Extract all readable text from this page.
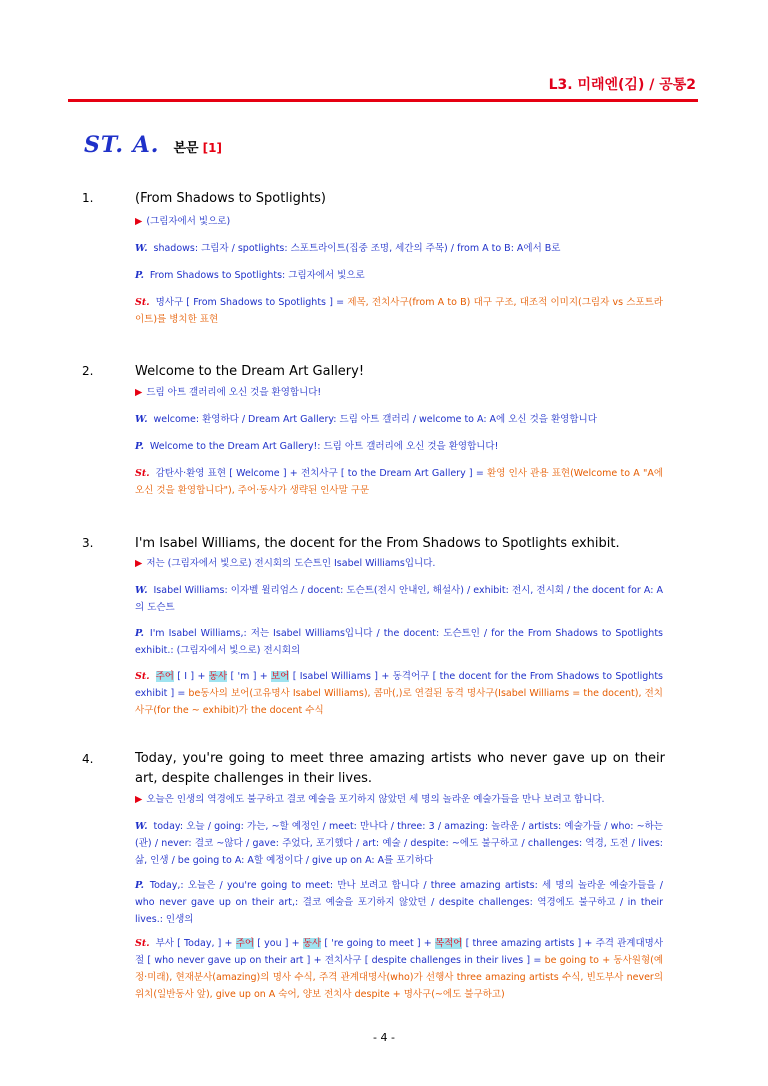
L3. 미래엔(김) / 공통2
ST. A. 본문 [1]
1.	(From Shadows to Spotlights)
▶ (그림자에서 빛으로)
W. shadows: 그림자 / spotlights: 스포트라이트(집중 조명, 세간의 주목) / from A to B: A에서 B로
P. From Shadows to Spotlights: 그림자에서 빛으로
St. 명사구 [ From Shadows to Spotlights ] = 제목, 전치사구(from A to B) 대구 구조, 대조적 이미지(그림자 vs 스포트라이트)를 병치한 표현
2.	Welcome to the Dream Art Gallery!
▶ 드림 아트 갤러리에 오신 것을 환영합니다!
W. welcome: 환영하다 / Dream Art Gallery: 드림 아트 갤러리 / welcome to A: A에 오신 것을 환영합니다
P. Welcome to the Dream Art Gallery!: 드림 아트 갤러리에 오신 것을 환영합니다!
St. 감탄사·환영 표현 [ Welcome ] + 전치사구 [ to the Dream Art Gallery ] = 환영 인사 관용 표현(Welcome to A "A에 오신 것을 환영합니다"), 주어·동사가 생략된 인사말 구문
3.	I'm Isabel Williams, the docent for the From Shadows to Spotlights exhibit.
▶ 저는 (그림자에서 빛으로) 전시회의 도슨트인 Isabel Williams입니다.
W. Isabel Williams: 이자벨 윌리엄스 / docent: 도슨트(전시 안내인, 해설사) / exhibit: 전시, 전시회 / the docent for A: A의 도슨트
P. I'm Isabel Williams,: 저는 Isabel Williams입니다 / the docent: 도슨트인 / for the From Shadows to Spotlights exhibit.: (그림자에서 빛으로) 전시회의
St. 주어 [ I ] + 동사 [ 'm ] + 보어 [ Isabel Williams ] + 동격어구 [ the docent for the From Shadows to Spotlights exhibit ] = be동사의 보어(고유명사 Isabel Williams), 콤마(,)로 연결된 동격 명사구(Isabel Williams = the docent), 전치사구(for the ~ exhibit)가 the docent 수식
4.	Today, you're going to meet three amazing artists who never gave up on their art, despite challenges in their lives.
▶ 오늘은 인생의 역경에도 불구하고 결코 예술을 포기하지 않았던 세 명의 놀라운 예술가들을 만나 보려고 합니다.
W. today: 오늘 / going: 가는, ~할 예정인 / meet: 만나다 / three: 3 / amazing: 놀라운 / artists: 예술가들 / who: ~하는(관) / never: 결코 ~않다 / gave: 주었다, 포기했다 / art: 예술 / despite: ~에도 불구하고 / challenges: 역경, 도전 / lives: 삶, 인생 / be going to A: A할 예정이다 / give up on A: A를 포기하다
P. Today,: 오늘은 / you're going to meet: 만나 보려고 합니다 / three amazing artists: 세 명의 놀라운 예술가들을 / who never gave up on their art,: 결코 예술을 포기하지 않았던 / despite challenges: 역경에도 불구하고 / in their lives.: 인생의
St. 부사 [ Today, ] + 주어 [ you ] + 동사 [ 're going to meet ] + 목적어 [ three amazing artists ] + 주격 관계대명사절 [ who never gave up on their art ] + 전치사구 [ despite challenges in their lives ] = be going to + 동사원형(예정·미래), 현재분사(amazing)의 명사 수식, 주격 관계대명사(who)가 선행사 three amazing artists 수식, 빈도부사 never의 위치(일반동사 앞), give up on A 숙어, 양보 전치사 despite + 명사구(~에도 불구하고)
- 4 -
